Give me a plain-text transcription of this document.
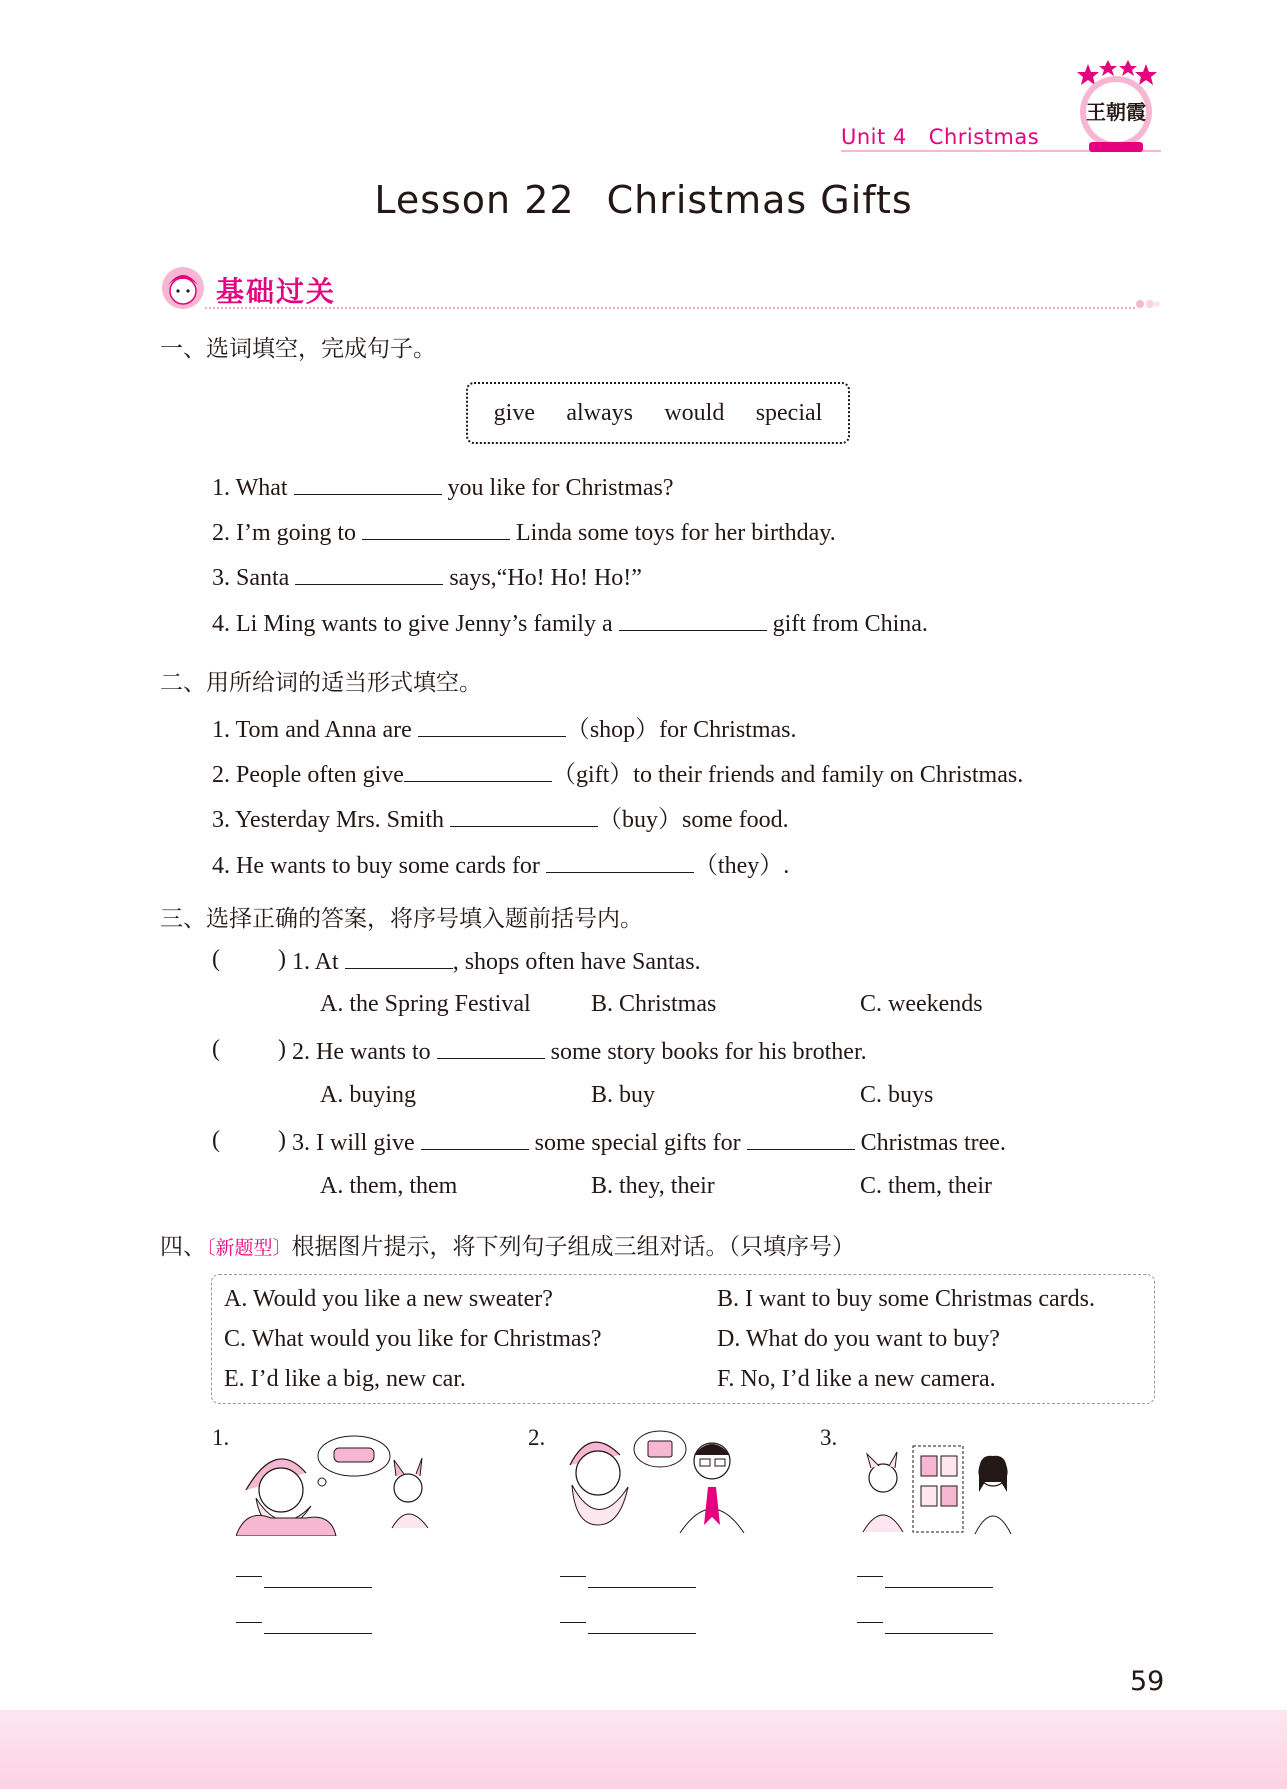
Unit 4 Christmas
王朝霞
Lesson 22 Christmas Gifts
基础过关
一、选词填空，完成句子。
give always would special
1. What	you like for Christmas?
2. I’m going to	Linda some toys for her birthday.
3. Santa	says,“Ho! Ho! Ho!”
4. Li Ming wants to give Jenny’s family a	gift from China.
二、用所给词的适当形式填空。
1. Tom and Anna are	（shop）for Christmas.
2. People often give	（gift）to their friends and family on Christmas.
3. Yesterday Mrs. Smith	（buy）some food.
4. He wants to buy some cards for	（they）.
三、选择正确的答案，将序号填入题前括号内。
( ) 1. At	, shops often have Santas.
A. the Spring Festival	B. Christmas	C. weekends
( ) 2. He wants to	some story books for his brother.
A. buying	B. buy	C. buys
( ) 3. I will give	some special gifts for	Christmas tree.
A. them, them	B. they, their	C. them, their
四、〔新题型〕根据图片提示，将下列句子组成三组对话。（只填序号）
A. Would you like a new sweater?	B. I want to buy some Christmas cards.
C. What would you like for Christmas?	D. What do you want to buy?
E. I’d like a big, new car.	F. No, I’d like a new camera.
1.	2.	3.
59
